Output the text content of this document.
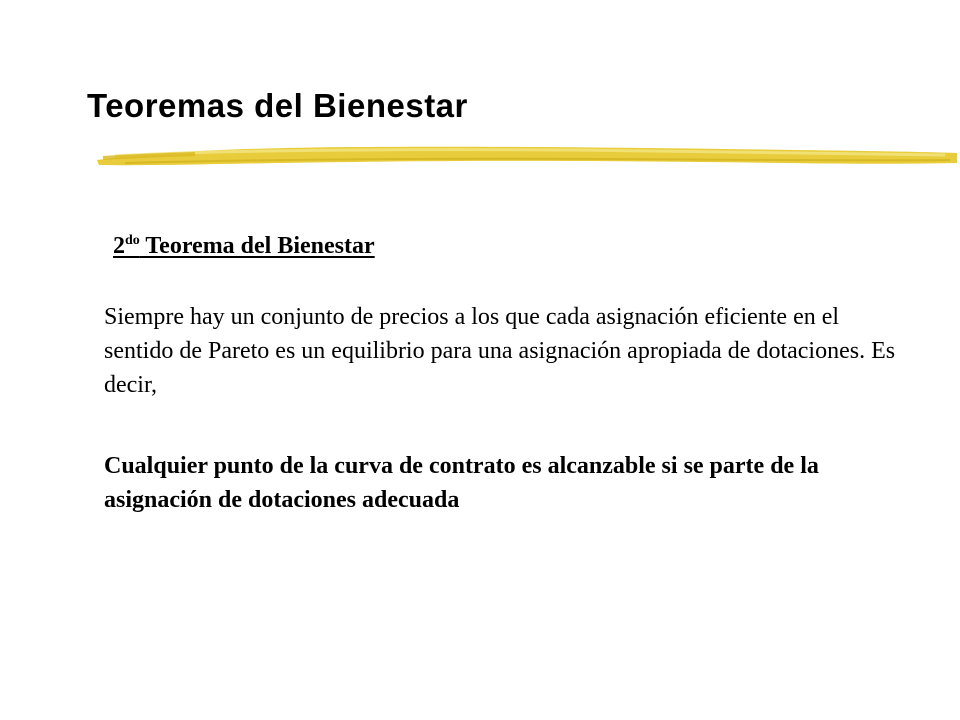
Teoremas del Bienestar
$2^{do}$ Teorema del Bienestar

Siempre hay un conjunto de precios a los que cada asignación eficiente en el sentido de Pareto es un equilibrio para una asignación apropiada de dotaciones. Es decir,

Cualquier punto de la curva de contrato es alcanzable si se parte de la asignación de dotaciones adecuada
